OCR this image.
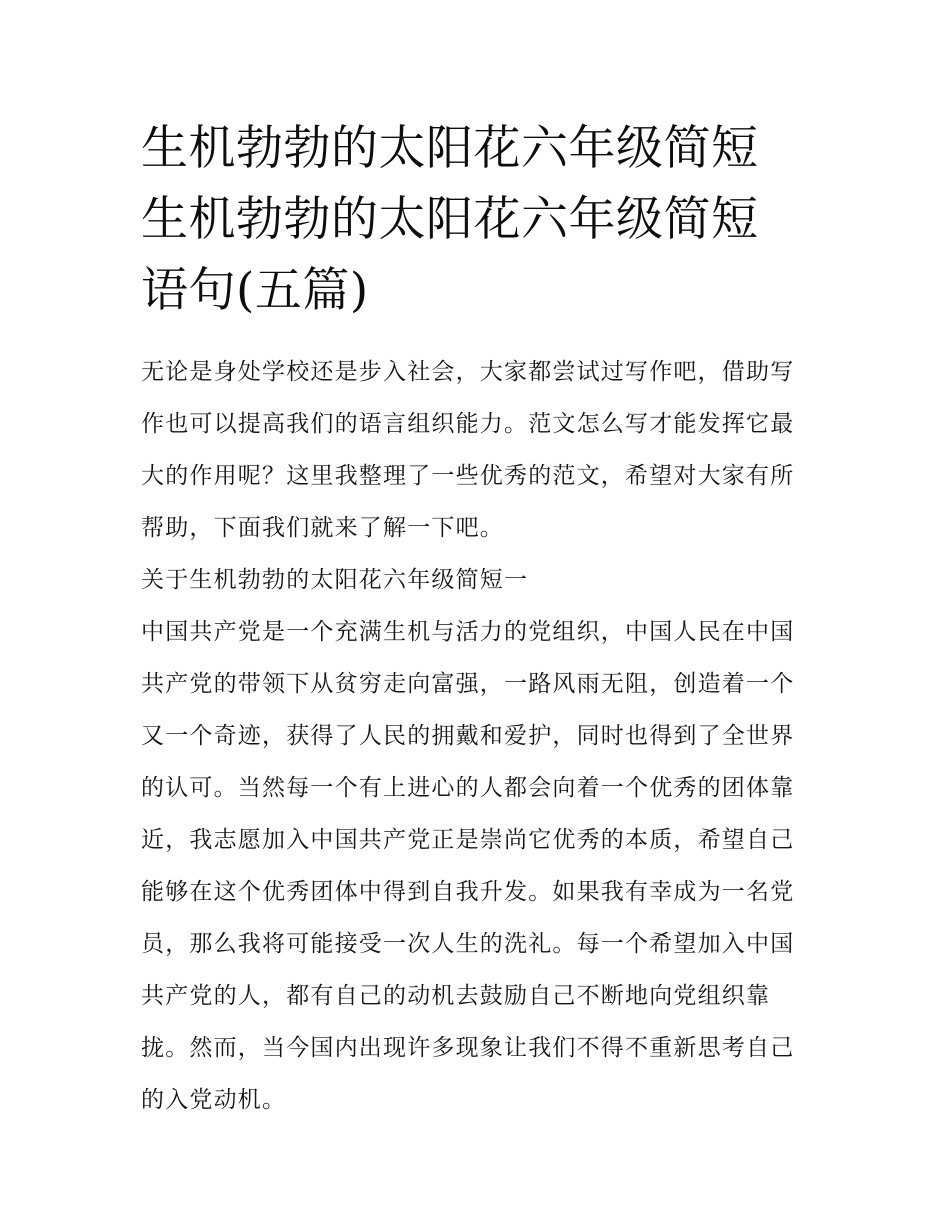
生机勃勃的太阳花六年级简短
生机勃勃的太阳花六年级简短
语句(五篇)
无论是身处学校还是步入社会，大家都尝试过写作吧，借助写
作也可以提高我们的语言组织能力。范文怎么写才能发挥它最
大的作用呢？这里我整理了一些优秀的范文，希望对大家有所
帮助，下面我们就来了解一下吧。
关于生机勃勃的太阳花六年级简短一
中国共产党是一个充满生机与活力的党组织，中国人民在中国
共产党的带领下从贫穷走向富强，一路风雨无阻，创造着一个
又一个奇迹，获得了人民的拥戴和爱护，同时也得到了全世界
的认可。当然每一个有上进心的人都会向着一个优秀的团体靠
近，我志愿加入中国共产党正是崇尚它优秀的本质，希望自己
能够在这个优秀团体中得到自我升发。如果我有幸成为一名党
员，那么我将可能接受一次人生的洗礼。每一个希望加入中国
共产党的人，都有自己的动机去鼓励自己不断地向党组织靠
拢。然而，当今国内出现许多现象让我们不得不重新思考自己
的入党动机。
